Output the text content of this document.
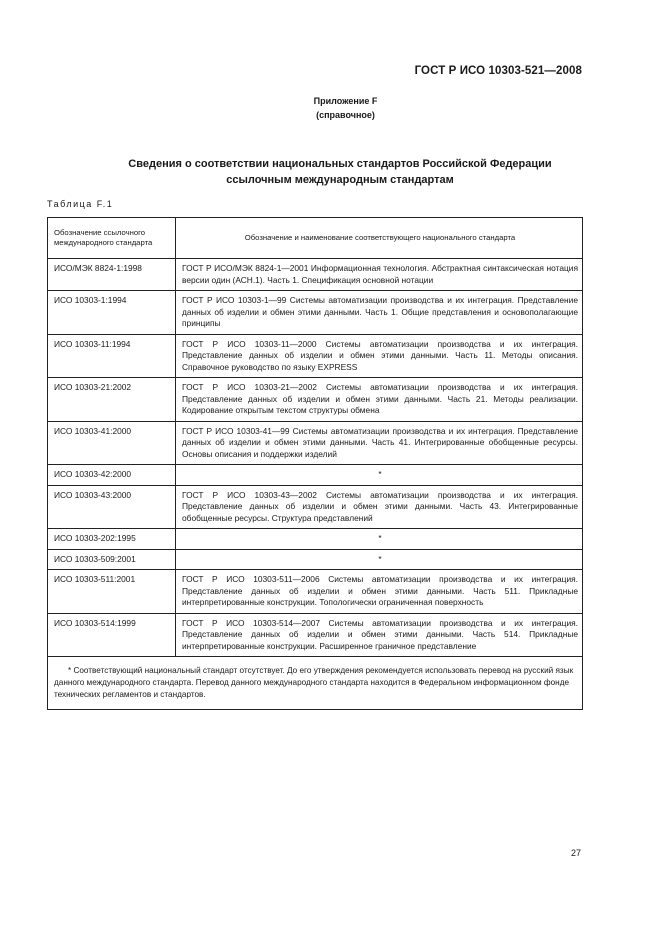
ГОСТ Р ИСО 10303-521—2008
Приложение F
(справочное)
Сведения о соответствии национальных стандартов Российской Федерации
ссылочным международным стандартам
Таблица F.1
Обозначение ссылочного международного стандарта	Обозначение и наименование соответствующего национального стандарта
ИСО/МЭК 8824-1:1998	ГОСТ Р ИСО/МЭК 8824-1—2001 Информационная технология. Абстрактная синтаксическая нотация версии один (АСН.1). Часть 1. Спецификация основной нотации
ИСО 10303-1:1994	ГОСТ Р ИСО 10303-1—99 Системы автоматизации производства и их интеграция. Представление данных об изделии и обмен этими данными. Часть 1. Общие представления и основополагающие принципы
ИСО 10303-11:1994	ГОСТ Р ИСО 10303-11—2000 Системы автоматизации производства и их интеграция. Представление данных об изделии и обмен этими данными. Часть 11. Методы описания. Справочное руководство по языку EXPRESS
ИСО 10303-21:2002	ГОСТ Р ИСО 10303-21—2002 Системы автоматизации производства и их интеграция. Представление данных об изделии и обмен этими данными. Часть 21. Методы реализации. Кодирование открытым текстом структуры обмена
ИСО 10303-41:2000	ГОСТ Р ИСО 10303-41—99 Системы автоматизации производства и их интеграция. Представление данных об изделии и обмен этими данными. Часть 41. Интегрированные обобщенные ресурсы. Основы описания и поддержки изделий
ИСО 10303-42:2000	*
ИСО 10303-43:2000	ГОСТ Р ИСО 10303-43—2002 Системы автоматизации производства и их интеграция. Представление данных об изделии и обмен этими данными. Часть 43. Интегрированные обобщенные ресурсы. Структура представлений
ИСО 10303-202:1995	*
ИСО 10303-509:2001	*
ИСО 10303-511:2001	ГОСТ Р ИСО 10303-511—2006 Системы автоматизации производства и их интеграция. Представление данных об изделии и обмен этими данными. Часть 511. Прикладные интерпретированные конструкции. Топологически ограниченная поверхность
ИСО 10303-514:1999	ГОСТ Р ИСО 10303-514—2007 Системы автоматизации производства и их интеграция. Представление данных об изделии и обмен этими данными. Часть 514. Прикладные интерпретированные конструкции. Расширенное граничное представление
* Соответствующий национальный стандарт отсутствует. До его утверждения рекомендуется использовать перевод на русский язык данного международного стандарта. Перевод данного международного стандарта находится в Федеральном информационном фонде технических регламентов и стандартов.	
27
